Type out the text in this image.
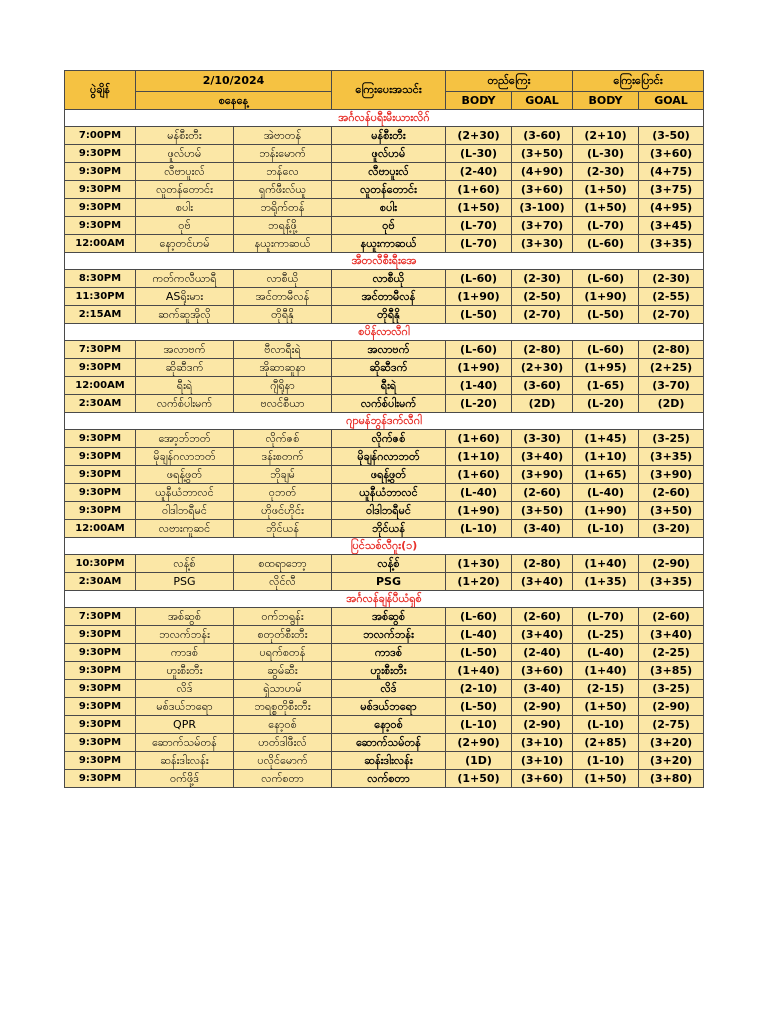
ပွဲချိန်	2/10/2024		ကြေးပေးအသင်း	တည်ကြေး		ကြေးပြောင်း	
	စနေနေ့			BODY	GOAL	BODY	GOAL
အင်္ဂလန်ပရီးမီးယားလိဂ်							
7:00PM	မန်စီးတီး	အဲဗာတန်	မန်စီးတီး	(2+30)	(3-60)	(2+10)	(3-50)
9:30PM	ဖူလ်ဟမ်	ဘန်းမောက်	ဖူလ်ဟမ်	(L-30)	(3+50)	(L-30)	(3+60)
9:30PM	လီဗာပူးလ်	ဘန်လေ	လီဗာပူးလ်	(2-40)	(4+90)	(2-30)	(4+75)
9:30PM	လူတန်တောင်း	ရှက်ဖီးလ်ယူ	လူတန်တောင်း	(1+60)	(3+60)	(1+50)	(3+75)
9:30PM	စပါး	ဘရိုက်တန်	စပါး	(1+50)	(3-100)	(1+50)	(4+95)
9:30PM	ဝုဗ်	ဘရန့်ဖို့	ဝုဗ်	(L-70)	(3+70)	(L-70)	(3+45)
12:00AM	နော့တင်ဟမ်	နယူးကာဆယ်	နယူးကာဆယ်	(L-70)	(3+30)	(L-60)	(3+35)
အီတလီစီးရီးအေ							
8:30PM	ကတ်ကလီယာရီ	လာစီယို	လာစီယို	(L-60)	(2-30)	(L-60)	(2-30)
11:30PM	ASရိုးမား	အင်တာမီလန်	အင်တာမီလန်	(1+90)	(2-50)	(1+90)	(2-55)
2:15AM	ဆက်ဆူအိုလို	တိုရီနို	တိုရီနို	(L-50)	(2-70)	(L-50)	(2-70)
စပိန်လာလီဂါ							
7:30PM	အလာဗက်	ဗီလာရီးရဲ	အလာဗက်	(L-60)	(2-80)	(L-60)	(2-80)
9:30PM	ဆိုဆီဒက်	အိုဆာဆူနာ	ဆိုဆီဒက်	(1+90)	(2+30)	(1+95)	(2+25)
12:00AM	ရီးရဲ	ဂျီရိုနာ	ရီးရဲ	(1-40)	(3-60)	(1-65)	(3-70)
2:30AM	လက်စ်ပါးမက်	ဗလင်စီယာ	လက်စ်ပါးမက်	(L-20)	(2D)	(L-20)	(2D)
ဂျာမန်ဘွန်ဒက်လီဂါ							
9:30PM	အော့ဘ်ဘတ်	လိုက်ဇစ်	လိုက်ဇစ်	(1+60)	(3-30)	(1+45)	(3-25)
9:30PM	မိုချန်ဂလာဘတ်	ဒန်းစတက်	မိုချန်ဂလာဘတ်	(1+10)	(3+40)	(1+10)	(3+35)
9:30PM	ဖရန့်ဖွတ်	ဘိုချမ်	ဖရန့်ဖွတ်	(1+60)	(3+90)	(1+65)	(3+90)
9:30PM	ယူနီယံဘာလင်	ဝုဘတ်	ယူနီယံဘာလင်	(L-40)	(2-60)	(L-40)	(2-60)
9:30PM	ဝါဒါဘရီမင်	ဟိုဖင်ဟိုင်း	ဝါဒါဘရီမင်	(1+90)	(3+50)	(1+90)	(3+50)
12:00AM	လဗားကူဆင်	ဘိုင်ယန်	ဘိုင်ယန်	(L-10)	(3-40)	(L-10)	(3-20)
ပြင်သစ်လီဂူး(၁)							
10:30PM	လန့်စ်	စထရာဘော့	လန့်စ်	(1+30)	(2-80)	(1+40)	(2-90)
2:30AM	PSG	လိုင်လီ	PSG	(1+20)	(3+40)	(1+35)	(3+35)
အင်္ဂလန်ချန်ပီယံရှစ်							
7:30PM	အစ်ဆွစ်	ဝက်ဘရွန်း	အစ်ဆွစ်	(L-60)	(2-60)	(L-70)	(2-60)
9:30PM	ဘလက်ဘန်း	စတုတ်စီးတီး	ဘလက်ဘန်း	(L-40)	(3+40)	(L-25)	(3+40)
9:30PM	ကာဒစ်	ပရက်စတန်	ကာဒစ်	(L-50)	(2-40)	(L-40)	(2-25)
9:30PM	ဟူးစီးတီး	ဆွမ်ဆီး	ဟူးစီးတီး	(1+40)	(3+60)	(1+40)	(3+85)
9:30PM	လိဒ်	ရှဲသာဟမ်	လိဒ်	(2-10)	(3-40)	(2-15)	(3-25)
9:30PM	မစ်ဒယ်ဘရော	ဘရစ္စတိုစီးတီး	မစ်ဒယ်ဘရော	(L-50)	(2-90)	(1+50)	(2-90)
9:30PM	QPR	နော့ဝစ်	နော့ဝစ်	(L-10)	(2-90)	(L-10)	(2-75)
9:30PM	ဆောက်သမ်တန်	ဟတ်ဒါဖီးလ်	ဆောက်သမ်တန်	(2+90)	(3+10)	(2+85)	(3+20)
9:30PM	ဆန်းဒါးလန်း	ပလိုင်မောက်	ဆန်းဒါးလန်း	(1D)	(3+10)	(1-10)	(3+20)
9:30PM	ဝက်ဖို့ဒ်	လက်စတာ	လက်စတာ	(1+50)	(3+60)	(1+50)	(3+80)
